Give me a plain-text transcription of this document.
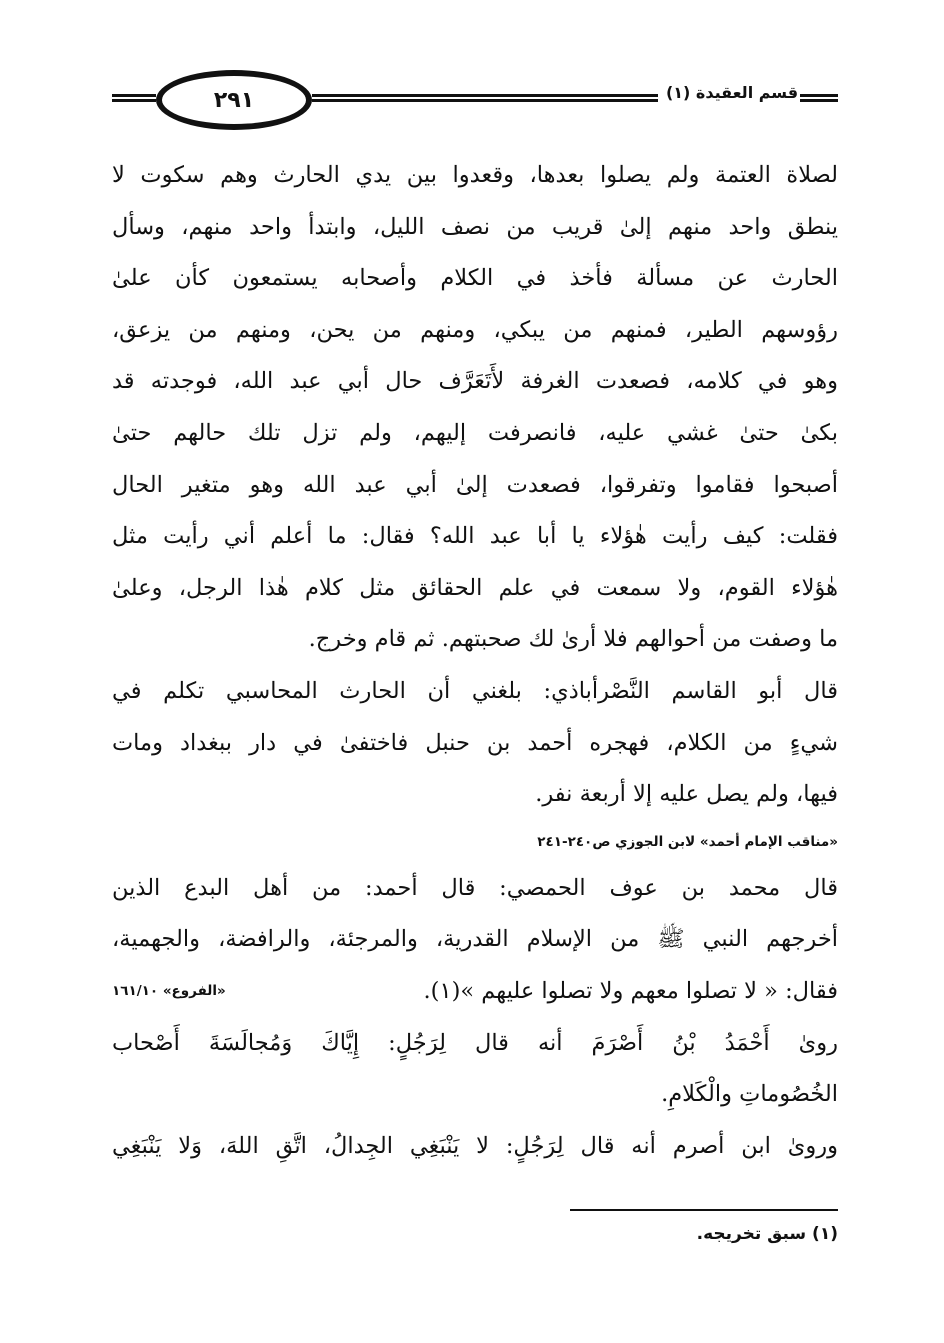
٢٩١	قسم العقيدة (١)
لصلاة العتمة ولم يصلوا بعدها، وقعدوا بين يدي الحارث وهم سكوت لا
ينطق واحد منهم إلىٰ قريب من نصف الليل، وابتدأ واحد منهم، وسأل
الحارث عن مسألة فأخذ في الكلام وأصحابه يستمعون كأن علىٰ
رؤوسهم الطير، فمنهم من يبكي، ومنهم من يحن، ومنهم من يزعق،
وهو في كلامه، فصعدت الغرفة لأَتَعَرَّف حال أبي عبد الله، فوجدته قد
بكىٰ حتىٰ غشي عليه، فانصرفت إليهم، ولم تزل تلك حالهم حتىٰ
أصبحوا فقاموا وتفرقوا، فصعدت إلىٰ أبي عبد الله وهو متغير الحال
فقلت: كيف رأيت هٰؤلاء يا أبا عبد الله؟ فقال: ما أعلم أني رأيت مثل
هٰؤلاء القوم، ولا سمعت في علم الحقائق مثل كلام هٰذا الرجل، وعلىٰ
ما وصفت من أحوالهم فلا أرىٰ لك صحبتهم. ثم قام وخرج.
قال أبو القاسم النَّصْرأباذي: بلغني أن الحارث المحاسبي تكلم في
شيءٍ من الكلام، فهجره أحمد بن حنبل فاختفىٰ في دار ببغداد ومات
فيها، ولم يصل عليه إلا أربعة نفر.
«مناقب الإمام أحمد» لابن الجوزي ص٢٤٠-٢٤١
قال محمد بن عوف الحمصي: قال أحمد: من أهل البدع الذين
أخرجهم النبي ﷺ من الإسلام القدرية، والمرجئة، والرافضة، والجهمية،
«الفروع» ١٦١/١٠	فقال: « لا تصلوا معهم ولا تصلوا عليهم »(١).
روىٰ أَحْمَدُ بْنُ أَصْرَمَ أنه قال لِرَجُلٍ: إِيَّاكَ وَمُجالَسَةَ أَصْحاب
الخُصُوماتِ والْكَلامِ.
وروىٰ ابن أصرم أنه قال لِرَجُلٍ: لا يَنْبَغِي الجِدالُ، اتَّقِ اللهَ، وَلا يَنْبَغِي
(١) سبق تخريجه.
